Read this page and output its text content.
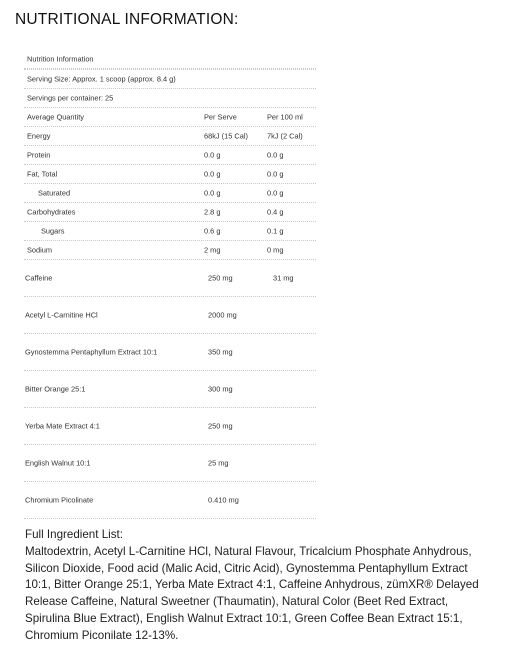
NUTRITIONAL INFORMATION:
Nutrition Information
Serving Size: Approx. 1 scoop (approx. 8.4 g)
Servings per container: 25
Average Quantity	Per Serve	Per 100 ml
Energy	68kJ (15 Cal)	7kJ (2 Cal)
Protein	0.0 g	0.0 g
Fat, Total	0.0 g	0.0 g
Saturated	0.0 g	0.0 g
Carbohydrates	2.8 g	0.4 g
Sugars	0.6 g	0.1 g
Sodium	2 mg	0 mg
Caffeine	250 mg	31 mg
Acetyl L-Carnitine HCl	2000 mg
Gynostemma Pentaphyllum Extract 10:1	350 mg
Bitter Orange 25:1	300 mg
Yerba Mate Extract 4:1	250 mg
English Walnut 10:1	25 mg
Chromium Picolinate	0.410 mg
Full Ingredient List:
Maltodextrin, Acetyl L-Carnitine HCl, Natural Flavour, Tricalcium Phosphate Anhydrous, Silicon Dioxide, Food acid (Malic Acid, Citric Acid), Gynostemma Pentaphyllum Extract 10:1, Bitter Orange 25:1, Yerba Mate Extract 4:1, Caffeine Anhydrous, zümXR® Delayed Release Caffeine, Natural Sweetner (Thaumatin), Natural Color (Beet Red Extract, Spirulina Blue Extract), English Walnut Extract 10:1, Green Coffee Bean Extract 15:1, Chromium Piconilate 12-13%.
